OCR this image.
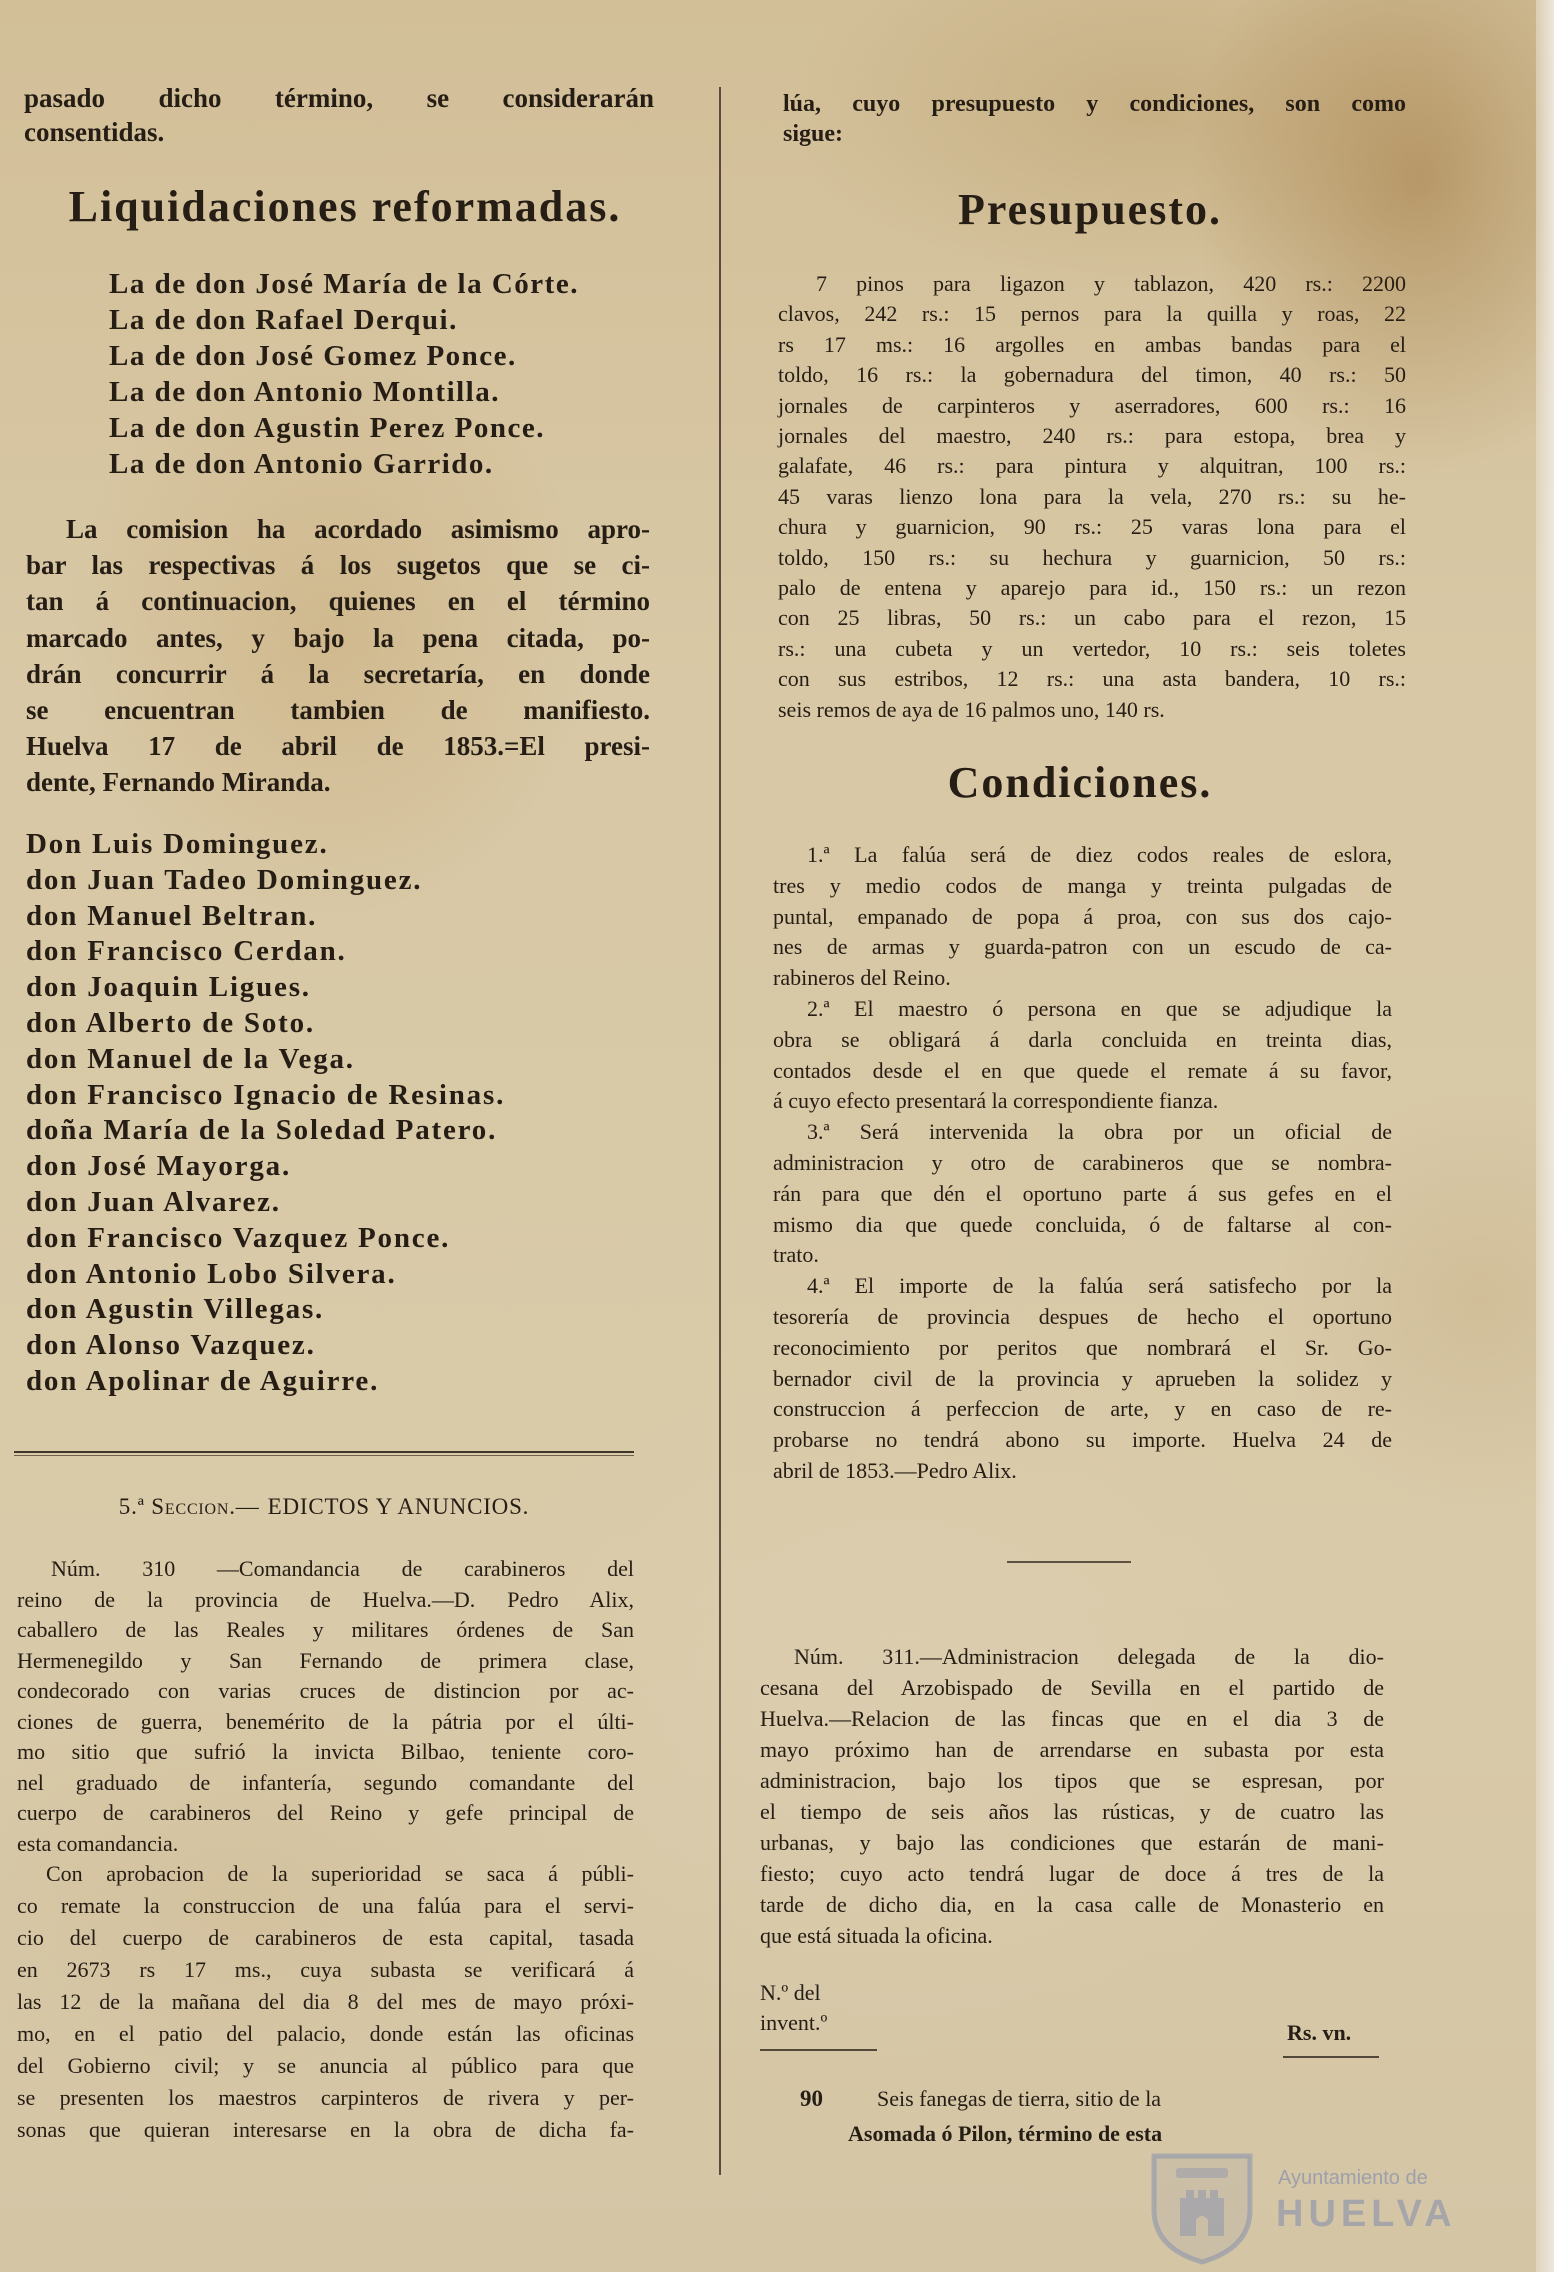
pasado dicho término, se considerarán
consentidas.
Liquidaciones reformadas.
La de don José María de la Córte.
La de don Rafael Derqui.
La de don José Gomez Ponce.
La de don Antonio Montilla.
La de don Agustin Perez Ponce.
La de don Antonio Garrido.
La comision ha acordado asimismo apro-
bar las respectivas á los sugetos que se ci-
tan á continuacion, quienes en el término
marcado antes, y bajo la pena citada, po-
drán concurrir á la secretaría, en donde
se encuentran tambien de manifiesto.
Huelva 17 de abril de 1853.=El presi-
dente, Fernando Miranda.
Don Luis Dominguez.
don Juan Tadeo Dominguez.
don Manuel Beltran.
don Francisco Cerdan.
don Joaquin Ligues.
don Alberto de Soto.
don Manuel de la Vega.
don Francisco Ignacio de Resinas.
doña María de la Soledad Patero.
don José Mayorga.
don Juan Alvarez.
don Francisco Vazquez Ponce.
don Antonio Lobo Silvera.
don Agustin Villegas.
don Alonso Vazquez.
don Apolinar de Aguirre.
5.ª Seccion.— EDICTOS Y ANUNCIOS.
Núm. 310 —Comandancia de carabineros del
reino de la provincia de Huelva.—D. Pedro Alix,
caballero de las Reales y militares órdenes de San
Hermenegildo y San Fernando de primera clase,
condecorado con varias cruces de distincion por ac-
ciones de guerra, benemérito de la pátria por el últi-
mo sitio que sufrió la invicta Bilbao, teniente coro-
nel graduado de infantería, segundo comandante del
cuerpo de carabineros del Reino y gefe principal de
esta comandancia.
Con aprobacion de la superioridad se saca á públi-
co remate la construccion de una falúa para el servi-
cio del cuerpo de carabineros de esta capital, tasada
en 2673 rs 17 ms., cuya subasta se verificará á
las 12 de la mañana del dia 8 del mes de mayo próxi-
mo, en el patio del palacio, donde están las oficinas
del Gobierno civil; y se anuncia al público para que
se presenten los maestros carpinteros de rivera y per-
sonas que quieran interesarse en la obra de dicha fa-
lúa, cuyo presupuesto y condiciones, son como
sigue:
Presupuesto.
7 pinos para ligazon y tablazon, 420 rs.: 2200
clavos, 242 rs.: 15 pernos para la quilla y roas, 22
rs 17 ms.: 16 argolles en ambas bandas para el
toldo, 16 rs.: la gobernadura del timon, 40 rs.: 50
jornales de carpinteros y aserradores, 600 rs.: 16
jornales del maestro, 240 rs.: para estopa, brea y
galafate, 46 rs.: para pintura y alquitran, 100 rs.:
45 varas lienzo lona para la vela, 270 rs.: su he-
chura y guarnicion, 90 rs.: 25 varas lona para el
toldo, 150 rs.: su hechura y guarnicion, 50 rs.:
palo de entena y aparejo para id., 150 rs.: un rezon
con 25 libras, 50 rs.: un cabo para el rezon, 15
rs.: una cubeta y un vertedor, 10 rs.: seis toletes
con sus estribos, 12 rs.: una asta bandera, 10 rs.:
seis remos de aya de 16 palmos uno, 140 rs.
Condiciones.
1.ª La falúa será de diez codos reales de eslora,
tres y medio codos de manga y treinta pulgadas de
puntal, empanado de popa á proa, con sus dos cajo-
nes de armas y guarda-patron con un escudo de ca-
rabineros del Reino.
2.ª El maestro ó persona en que se adjudique la
obra se obligará á darla concluida en treinta dias,
contados desde el en que quede el remate á su favor,
á cuyo efecto presentará la correspondiente fianza.
3.ª Será intervenida la obra por un oficial de
administracion y otro de carabineros que se nombra-
rán para que dén el oportuno parte á sus gefes en el
mismo dia que quede concluida, ó de faltarse al con-
trato.
4.ª El importe de la falúa será satisfecho por la
tesorería de provincia despues de hecho el oportuno
reconocimiento por peritos que nombrará el Sr. Go-
bernador civil de la provincia y aprueben la solidez y
construccion á perfeccion de arte, y en caso de re-
probarse no tendrá abono su importe. Huelva 24 de
abril de 1853.—Pedro Alix.
Núm. 311.—Administracion delegada de la dio-
cesana del Arzobispado de Sevilla en el partido de
Huelva.—Relacion de las fincas que en el dia 3 de
mayo próximo han de arrendarse en subasta por esta
administracion, bajo los tipos que se espresan, por
el tiempo de seis años las rústicas, y de cuatro las
urbanas, y bajo las condiciones que estarán de mani-
fiesto; cuyo acto tendrá lugar de doce á tres de la
tarde de dicho dia, en la casa calle de Monasterio en
que está situada la oficina.
N.º del
invent.º	Rs. vn.
90 Seis fanegas de tierra, sitio de la
Asomada ó Pilon, término de esta
Ayuntamiento de
HUELVA
